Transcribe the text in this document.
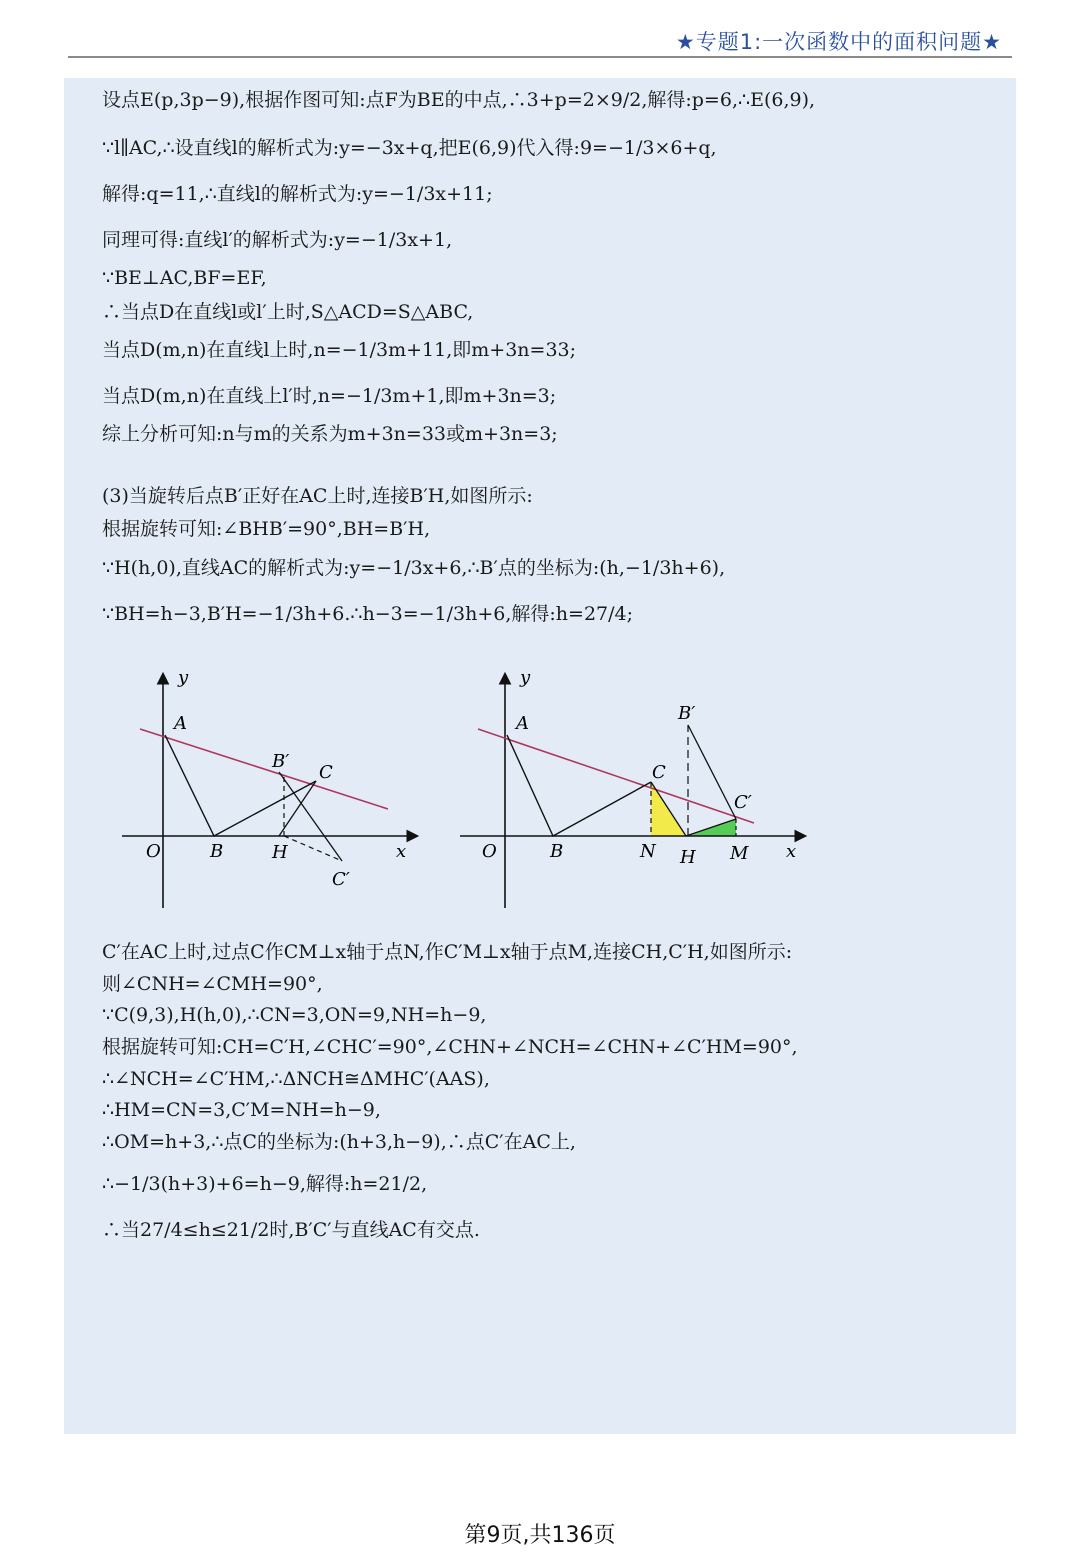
★专题1:一次函数中的面积问题★
设点E(p,3p−9),根据作图可知:点F为BE的中点,∴3+p=2×9/2,解得:p=6,∴E(6,9),
∵l∥AC,∴设直线l的解析式为:y=−3x+q,把E(6,9)代入得:9=−1/3×6+q,
解得:q=11,∴直线l的解析式为:y=−1/3x+11;
同理可得:直线l′的解析式为:y=−1/3x+1,
∵BE⊥AC,BF=EF,
∴当点D在直线l或l′上时,S△ACD=S△ABC,
当点D(m,n)在直线l上时,n=−1/3m+11,即m+3n=33;
当点D(m,n)在直线上l′时,n=−1/3m+1,即m+3n=3;
综上分析可知:n与m的关系为m+3n=33或m+3n=3;
(3)当旋转后点B′正好在AC上时,连接B′H,如图所示:
根据旋转可知:∠BHB′=90°,BH=B′H,
∵H(h,0),直线AC的解析式为:y=−1/3x+6,∴B′点的坐标为:(h,−1/3h+6),
∵BH=h−3,B′H=−1/3h+6.∴h−3=−1/3h+6,解得:h=27/4;
y
x
O
A
B	H
B′
C
C′
y
x
O
A
B	N H M
C
B′
C′
C′在AC上时,过点C作CM⊥x轴于点N,作C′M⊥x轴于点M,连接CH,C′H,如图所示:
则∠CNH=∠CMH=90°,
∵C(9,3),H(h,0),∴CN=3,ON=9,NH=h−9,
根据旋转可知:CH=C′H,∠CHC′=90°,∠CHN+∠NCH=∠CHN+∠C′HM=90°,
∴∠NCH=∠C′HM,∴ΔNCH≅ΔMHC′(AAS),
∴HM=CN=3,C′M=NH=h−9,
∴OM=h+3,∴点C的坐标为:(h+3,h−9),∴点C′在AC上,
∴−1/3(h+3)+6=h−9,解得:h=21/2,
∴当27/4≤h≤21/2时,B′C′与直线AC有交点.
第9页,共136页
